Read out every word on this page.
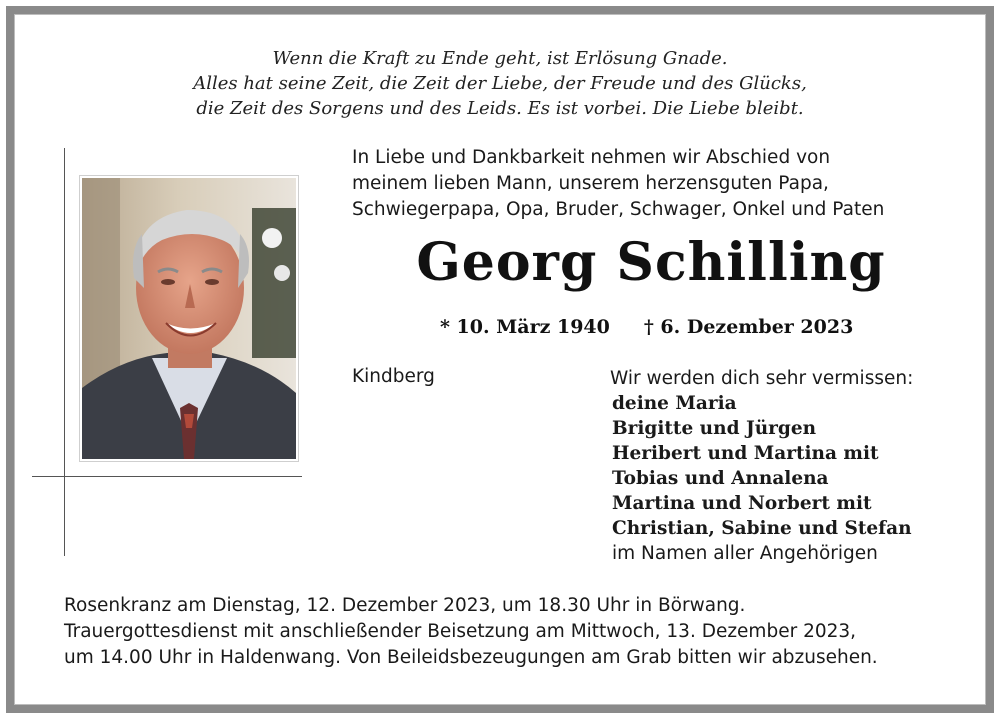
Wenn die Kraft zu Ende geht, ist Erlösung Gnade.
Alles hat seine Zeit, die Zeit der Liebe, der Freude und des Glücks,
die Zeit des Sorgens und des Leids. Es ist vorbei. Die Liebe bleibt.
In Liebe und Dankbarkeit nehmen wir Abschied von
meinem lieben Mann, unserem herzensguten Papa,
Schwiegerpapa, Opa, Bruder, Schwager, Onkel und Paten
Georg Schilling
* 10. März 1940 † 6. Dezember 2023
Kindberg	Wir werden dich sehr vermissen:
deine Maria
Brigitte und Jürgen
Heribert und Martina mit
Tobias und Annalena
Martina und Norbert mit
Christian, Sabine und Stefan
im Namen aller Angehörigen
Rosenkranz am Dienstag, 12. Dezember 2023, um 18.30 Uhr in Börwang.
Trauergottesdienst mit anschließender Beisetzung am Mittwoch, 13. Dezember 2023,
um 14.00 Uhr in Haldenwang. Von Beileidsbezeugungen am Grab bitten wir abzusehen.
